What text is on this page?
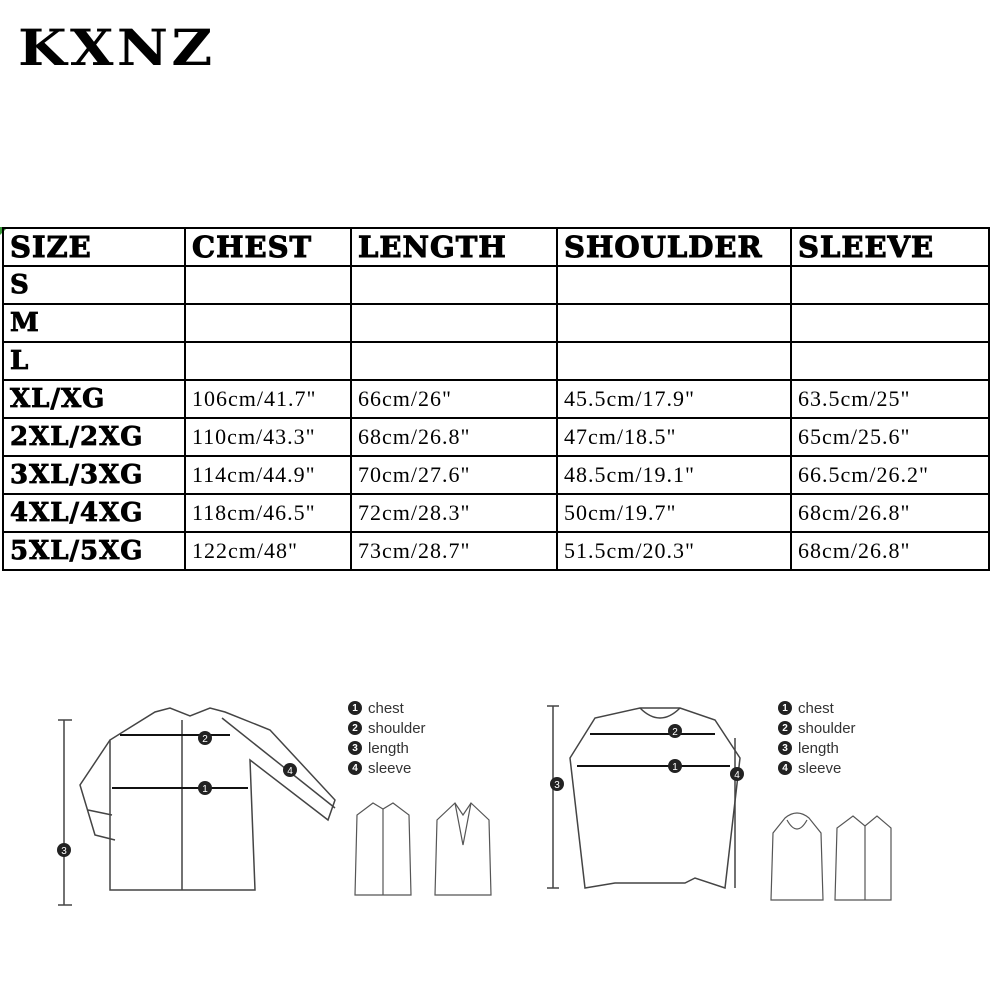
KXNZ
SIZE	CHEST	LENGTH	SHOULDER	SLEEVE
S				
M				
L				
XL/XG	106cm/41.7"	66cm/26"	45.5cm/17.9"	63.5cm/25"
2XL/2XG	110cm/43.3"	68cm/26.8"	47cm/18.5"	65cm/25.6"
3XL/3XG	114cm/44.9"	70cm/27.6"	48.5cm/19.1"	66.5cm/26.2"
4XL/4XG	118cm/46.5"	72cm/28.3"	50cm/19.7"	68cm/26.8"
5XL/5XG	122cm/48"	73cm/28.7"	51.5cm/20.3"	68cm/26.8"
2
1
3
4
1 chest
2 shoulder
3 length
4 sleeve
2
1
3
4
1 chest
2 shoulder
3 length
4 sleeve
